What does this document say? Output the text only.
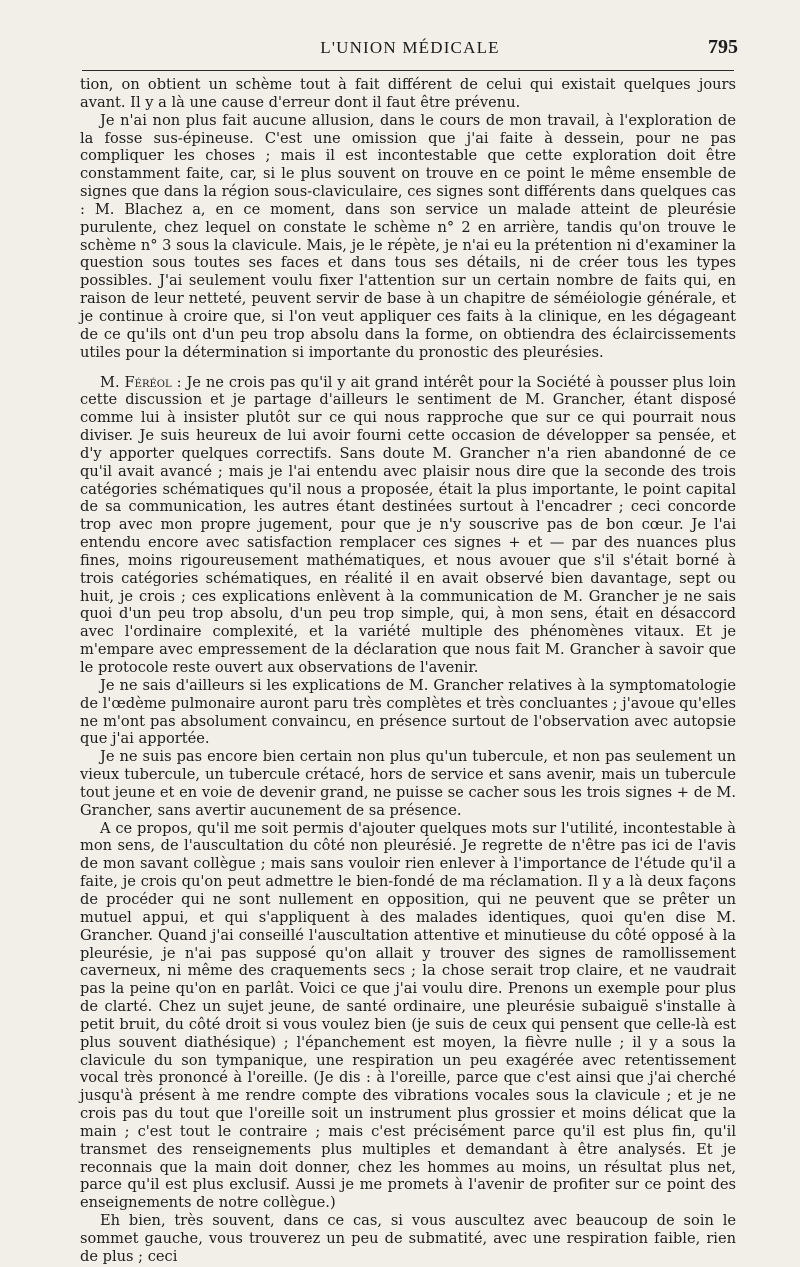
L'UNION MÉDICALE	795

tion, on obtient un schème tout à fait différent de celui qui existait quelques jours avant. Il y a là une cause d'erreur dont il faut être prévenu.

Je n'ai non plus fait aucune allusion, dans le cours de mon travail, à l'exploration de la fosse sus-épineuse. C'est une omission que j'ai faite à dessein, pour ne pas compliquer les choses ; mais il est incontestable que cette exploration doit être constamment faite, car, si le plus souvent on trouve en ce point le même ensemble de signes que dans la région sous-claviculaire, ces signes sont différents dans quelques cas : M. Blachez a, en ce moment, dans son service un malade atteint de pleurésie purulente, chez lequel on constate le schème n° 2 en arrière, tandis qu'on trouve le schème n° 3 sous la clavicule. Mais, je le répète, je n'ai eu la prétention ni d'examiner la question sous toutes ses faces et dans tous ses détails, ni de créer tous les types possibles. J'ai seulement voulu fixer l'attention sur un certain nombre de faits qui, en raison de leur netteté, peuvent servir de base à un chapitre de séméiologie générale, et je continue à croire que, si l'on veut appliquer ces faits à la clinique, en les dégageant de ce qu'ils ont d'un peu trop absolu dans la forme, on obtiendra des éclaircissements utiles pour la détermination si importante du pronostic des pleurésies.

M. Féréol : Je ne crois pas qu'il y ait grand intérêt pour la Société à pousser plus loin cette discussion et je partage d'ailleurs le sentiment de M. Grancher, étant disposé comme lui à insister plutôt sur ce qui nous rapproche que sur ce qui pourrait nous diviser. Je suis heureux de lui avoir fourni cette occasion de développer sa pensée, et d'y apporter quelques correctifs. Sans doute M. Grancher n'a rien abandonné de ce qu'il avait avancé ; mais je l'ai entendu avec plaisir nous dire que la seconde des trois catégories schématiques qu'il nous a proposée, était la plus importante, le point capital de sa communication, les autres étant destinées surtout à l'encadrer ; ceci concorde trop avec mon propre jugement, pour que je n'y souscrive pas de bon cœur. Je l'ai entendu encore avec satisfaction remplacer ces signes + et — par des nuances plus fines, moins rigoureusement mathématiques, et nous avouer que s'il s'était borné à trois catégories schématiques, en réalité il en avait observé bien davantage, sept ou huit, je crois ; ces explications enlèvent à la communication de M. Grancher je ne sais quoi d'un peu trop absolu, d'un peu trop simple, qui, à mon sens, était en désaccord avec l'ordinaire complexité, et la variété multiple des phénomènes vitaux. Et je m'empare avec empressement de la déclaration que nous fait M. Grancher à savoir que le protocole reste ouvert aux observations de l'avenir.

Je ne sais d'ailleurs si les explications de M. Grancher relatives à la symptomatologie de l'œdème pulmonaire auront paru très complètes et très concluantes ; j'avoue qu'elles ne m'ont pas absolument convaincu, en présence surtout de l'observation avec autopsie que j'ai apportée.

Je ne suis pas encore bien certain non plus qu'un tubercule, et non pas seulement un vieux tubercule, un tubercule crétacé, hors de service et sans avenir, mais un tubercule tout jeune et en voie de devenir grand, ne puisse se cacher sous les trois signes + de M. Grancher, sans avertir aucunement de sa présence.

A ce propos, qu'il me soit permis d'ajouter quelques mots sur l'utilité, incontestable à mon sens, de l'auscultation du côté non pleurésié. Je regrette de n'être pas ici de l'avis de mon savant collègue ; mais sans vouloir rien enlever à l'importance de l'étude qu'il a faite, je crois qu'on peut admettre le bien-fondé de ma réclamation. Il y a là deux façons de procéder qui ne sont nullement en opposition, qui ne peuvent que se prêter un mutuel appui, et qui s'appliquent à des malades identiques, quoi qu'en dise M. Grancher. Quand j'ai conseillé l'auscultation attentive et minutieuse du côté opposé à la pleurésie, je n'ai pas supposé qu'on allait y trouver des signes de ramollissement caverneux, ni même des craquements secs ; la chose serait trop claire, et ne vaudrait pas la peine qu'on en parlât. Voici ce que j'ai voulu dire. Prenons un exemple pour plus de clarté. Chez un sujet jeune, de santé ordinaire, une pleurésie subaiguë s'installe à petit bruit, du côté droit si vous voulez bien (je suis de ceux qui pensent que celle-là est plus souvent diathésique) ; l'épanchement est moyen, la fièvre nulle ; il y a sous la clavicule du son tympanique, une respiration un peu exagérée avec retentissement vocal très prononcé à l'oreille. (Je dis : à l'oreille, parce que c'est ainsi que j'ai cherché jusqu'à présent à me rendre compte des vibrations vocales sous la clavicule ; et je ne crois pas du tout que l'oreille soit un instrument plus grossier et moins délicat que la main ; c'est tout le contraire ; mais c'est précisément parce qu'il est plus fin, qu'il transmet des renseignements plus multiples et demandant à être analysés. Et je reconnais que la main doit donner, chez les hommes au moins, un résultat plus net, parce qu'il est plus exclusif. Aussi je me promets à l'avenir de profiter sur ce point des enseignements de notre collègue.)

Eh bien, très souvent, dans ce cas, si vous auscultez avec beaucoup de soin le sommet gauche, vous trouverez un peu de submatité, avec une respiration faible, rien de plus ; ceci
